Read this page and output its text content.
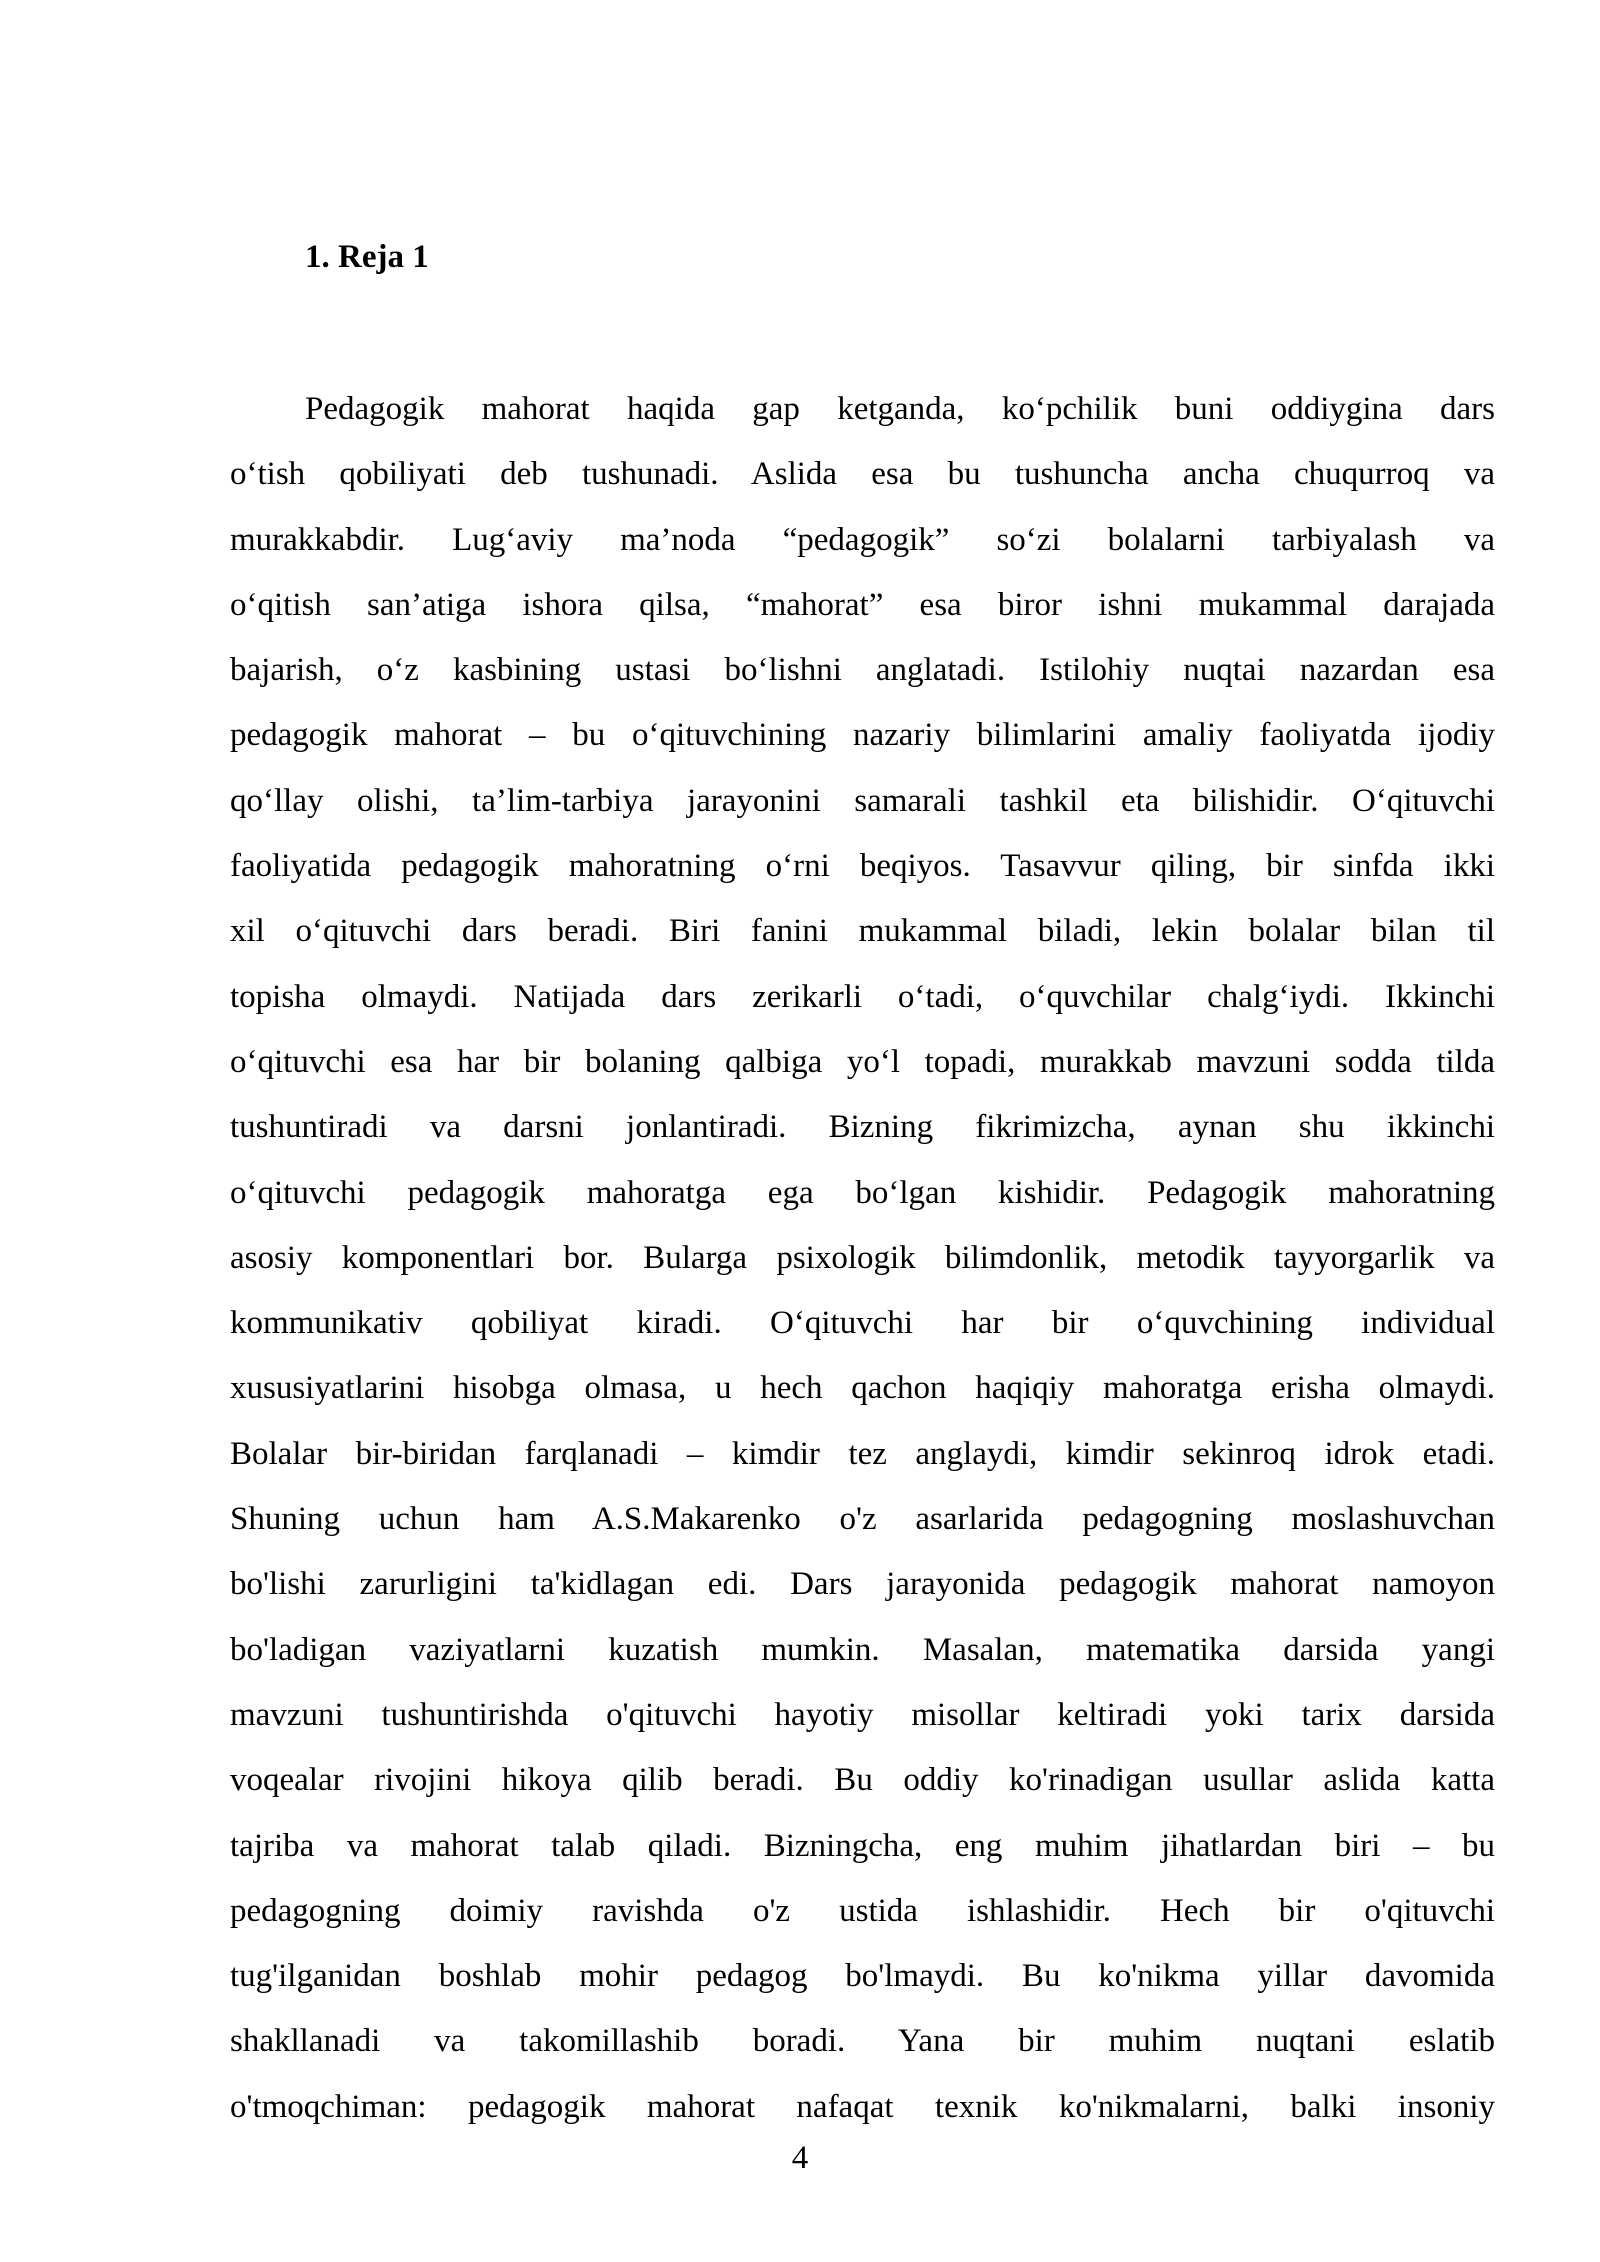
1. Reja 1
Pedagogik mahorat haqida gap ketganda, ko‘pchilik buni oddiygina dars
o‘tish qobiliyati deb tushunadi. Aslida esa bu tushuncha ancha chuqurroq va
murakkabdir. Lug‘aviy ma’noda “pedagogik” so‘zi bolalarni tarbiyalash va
o‘qitish san’atiga ishora qilsa, “mahorat” esa biror ishni mukammal darajada
bajarish, o‘z kasbining ustasi bo‘lishni anglatadi. Istilohiy nuqtai nazardan esa
pedagogik mahorat – bu o‘qituvchining nazariy bilimlarini amaliy faoliyatda ijodiy
qo‘llay olishi, ta’lim-tarbiya jarayonini samarali tashkil eta bilishidir. O‘qituvchi
faoliyatida pedagogik mahoratning o‘rni beqiyos. Tasavvur qiling, bir sinfda ikki
xil o‘qituvchi dars beradi. Biri fanini mukammal biladi, lekin bolalar bilan til
topisha olmaydi. Natijada dars zerikarli o‘tadi, o‘quvchilar chalg‘iydi. Ikkinchi
o‘qituvchi esa har bir bolaning qalbiga yo‘l topadi, murakkab mavzuni sodda tilda
tushuntiradi va darsni jonlantiradi. Bizning fikrimizcha, aynan shu ikkinchi
o‘qituvchi pedagogik mahoratga ega bo‘lgan kishidir. Pedagogik mahoratning
asosiy komponentlari bor. Bularga psixologik bilimdonlik, metodik tayyorgarlik va
kommunikativ qobiliyat kiradi. O‘qituvchi har bir o‘quvchining individual
xususiyatlarini hisobga olmasa, u hech qachon haqiqiy mahoratga erisha olmaydi.
Bolalar bir-biridan farqlanadi – kimdir tez anglaydi, kimdir sekinroq idrok etadi.
Shuning uchun ham A.S.Makarenko o'z asarlarida pedagogning moslashuvchan
bo'lishi zarurligini ta'kidlagan edi. Dars jarayonida pedagogik mahorat namoyon
bo'ladigan vaziyatlarni kuzatish mumkin. Masalan, matematika darsida yangi
mavzuni tushuntirishda o'qituvchi hayotiy misollar keltiradi yoki tarix darsida
voqealar rivojini hikoya qilib beradi. Bu oddiy ko'rinadigan usullar aslida katta
tajriba va mahorat talab qiladi. Bizningcha, eng muhim jihatlardan biri – bu
pedagogning doimiy ravishda o'z ustida ishlashidir. Hech bir o'qituvchi
tug'ilganidan boshlab mohir pedagog bo'lmaydi. Bu ko'nikma yillar davomida
shakllanadi va takomillashib boradi. Yana bir muhim nuqtani eslatib
o'tmoqchiman: pedagogik mahorat nafaqat texnik ko'nikmalarni, balki insoniy
4
